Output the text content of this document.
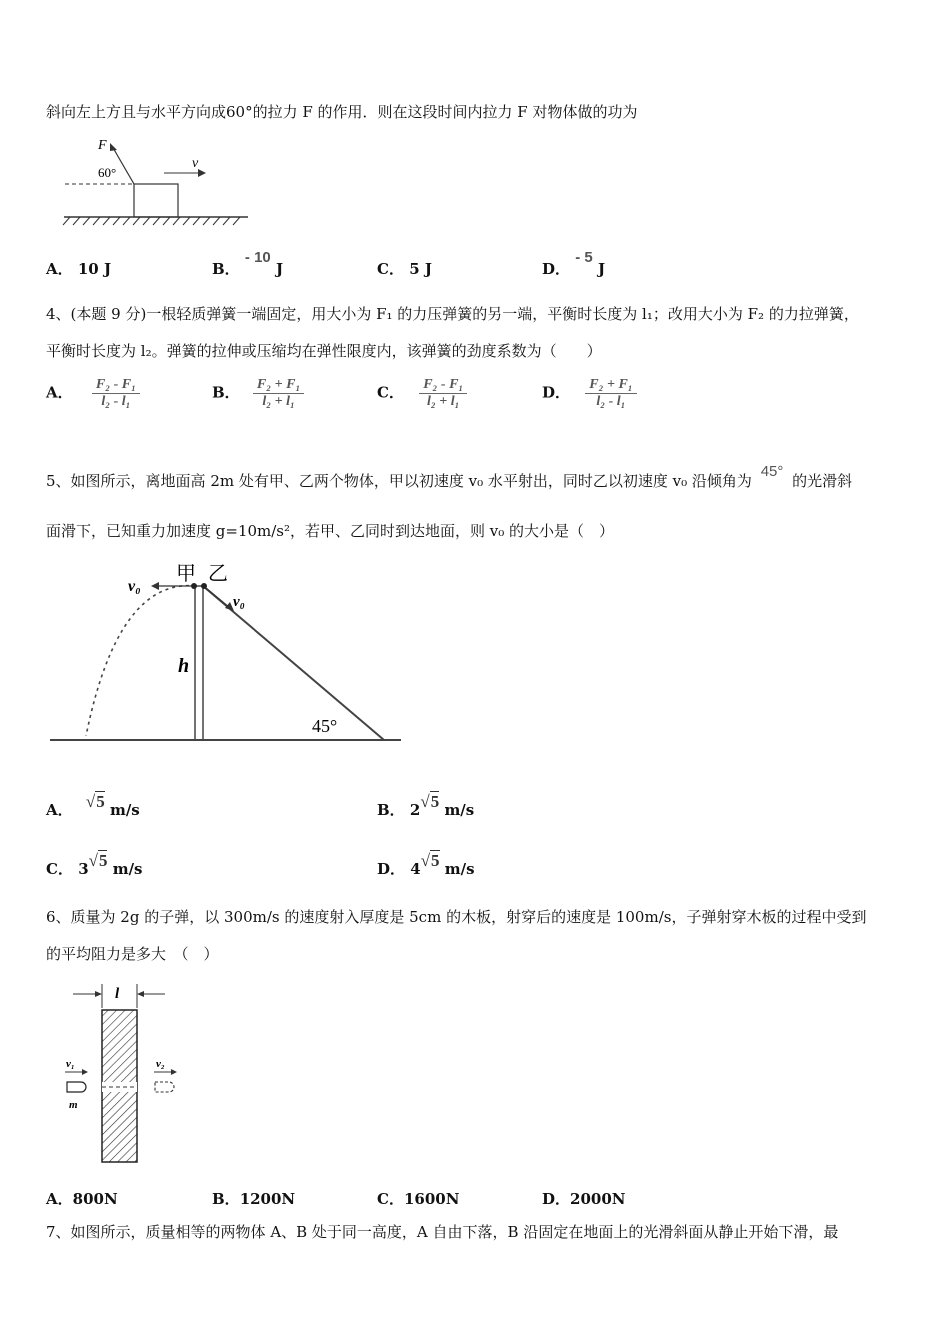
斜向左上方且与水平方向成60°的拉力 F 的作用．则在这段时间内拉力 F 对物体做的功为
F
60°
v
A． 10 J	B． - 10 J	C． 5 J	D． - 5 J
4、(本题 9 分)一根轻质弹簧一端固定，用大小为 F₁ 的力压弹簧的另一端，平衡时长度为 l₁；改用大小为 F₂ 的力拉弹簧，
平衡时长度为 l₂。弹簧的拉伸或压缩均在弹性限度内，该弹簧的劲度系数为（　　）
A． $\frac{\text{F₂ - F₁}}{\text{l₂ - l₁}}$	B． $\frac{\text{F₂ + F₁}}{\text{l₂ + l₁}}$	C． $\frac{\text{F₂ - F₁}}{\text{l₂ + l₁}}$	D． $\frac{\text{F₂ + F₁}}{\text{l₂ - l₁}}$
5、如图所示，离地面高 2m 处有甲、乙两个物体，甲以初速度 v₀ 水平射出，同时乙以初速度 v₀ 沿倾角为 45° 的光滑斜
面滑下，已知重力加速度 g=10m/s²，若甲、乙同时到达地面，则 v₀ 的大小是（　）
v₀
甲 乙
v₀
h
45°
A． √5 m/s	B． 2√5 m/s
C． 3√5 m/s	D． 4√5 m/s
6、质量为 2g 的子弹，以 300m/s 的速度射入厚度是 5cm 的木板，射穿后的速度是 100m/s，子弹射穿木板的过程中受到
的平均阻力是多大　（　）
l
v₁	v₂
m
A．800N	B．1200N	C．1600N	D．2000N
7、如图所示，质量相等的两物体 A、B 处于同一高度，A 自由下落，B 沿固定在地面上的光滑斜面从静止开始下滑，最
